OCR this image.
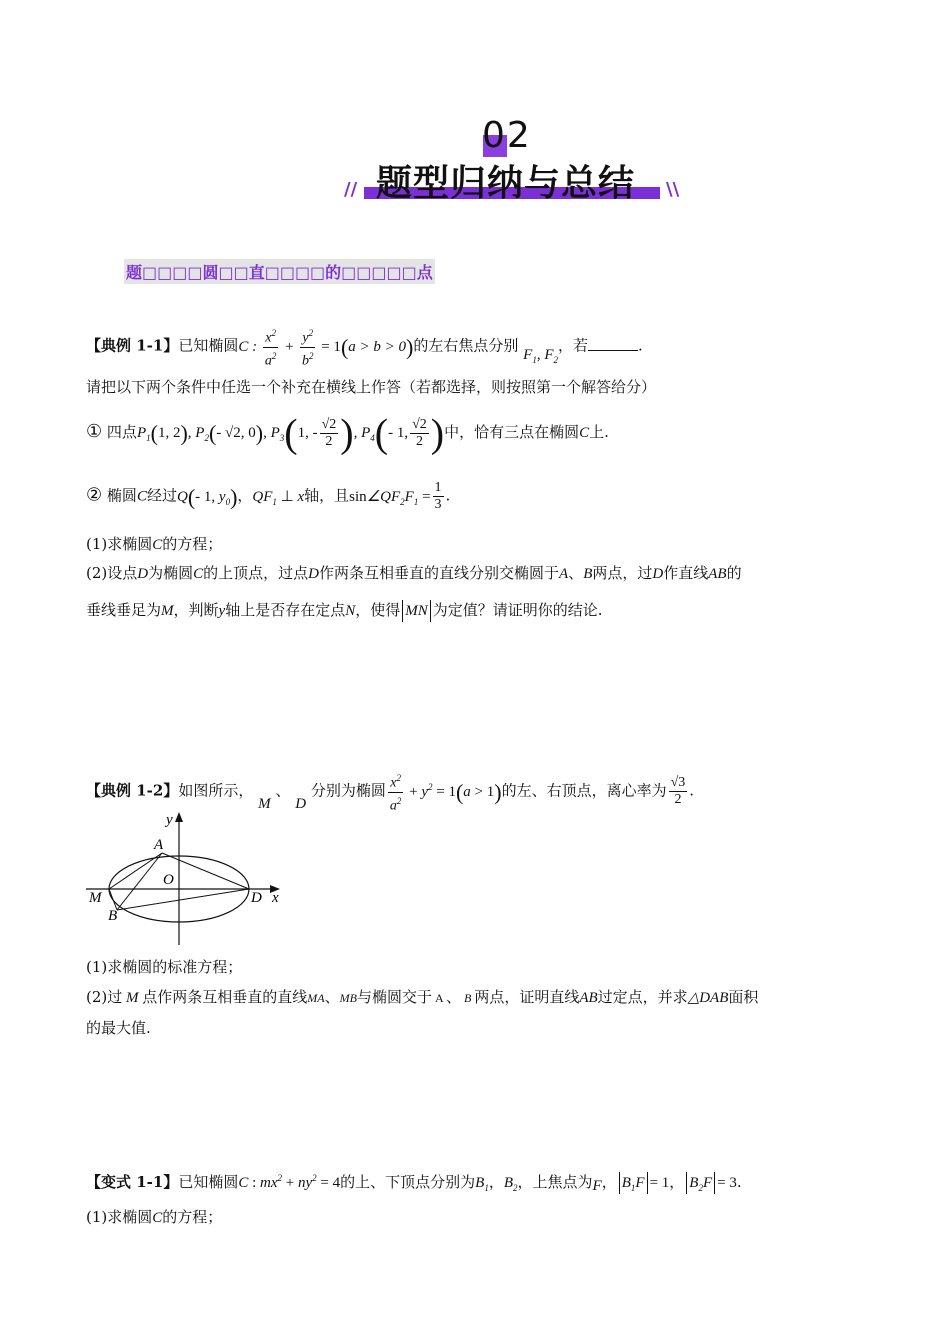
02
题型归纳与总结
//	\\
题□□□□圆□□直□□□□的□□□□□点
【典例 1-1】已知椭圆C : $\frac{x^2}{a^2} + \frac{y^2}{b^2} = 1(a > b > 0)$的左右焦点分别 $F_1$, $F_2$，若	.
请把以下两个条件中任选一个补充在横线上作答（若都选择，则按照第一个解答给分）
① 四点$P_1(1$, 2), $P_2(-$ √2, 0), $P_3(1$, - $\frac{√2}{2}$ ), $P_4(-$ 1, $\frac{√2}{2}$ )中，恰有三点在椭圆C上.
② 椭圆C经过Q(- 1, $y_0$)，$QF_1$ ⊥ x轴，且$\sin\angle QF_2F_1 = \frac{1}{3}$ .
(1)求椭圆C的方程；
(2)设点D为椭圆C的上顶点，过点D作两条互相垂直的直线分别交椭圆于A、B两点，过D作直线AB的
垂线垂足为M，判断y轴上是否存在定点N，使得 MN 为定值？请证明你的结论.
【典例 1-2】如图所示， M 、 D 分别为椭圆 $\frac{x^2}{a^2} + y^2 = 1(a > 1)$的左、右顶点，离心率为 $\frac{√3}{2}$ .
y
x
A
O
M	D
B
(1)求椭圆的标准方程；
(2)过 M 点作两条互相垂直的直线MA、MB与椭圆交于 A 、 B 两点，证明直线AB过定点，并求△DAB面积
的最大值.
【变式 1-1】已知椭圆C : $mx^2 + ny^2 = 4$的上、下顶点分别为$B_1$，$B_2$，上焦点为F， $B_1F = 1$， $B_2F = 3$.
(1)求椭圆C的方程；
